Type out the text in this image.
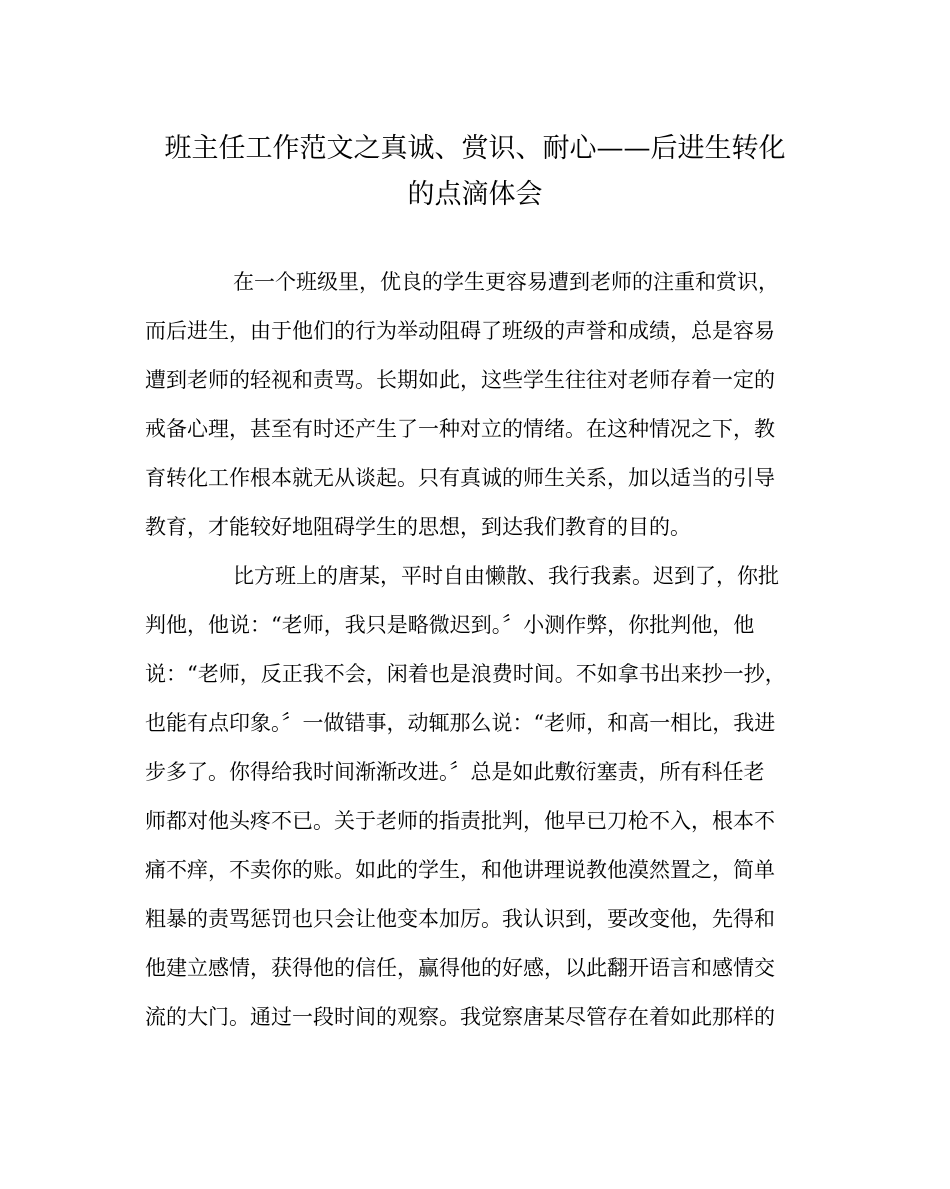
班主任工作范文之真诚、赏识、耐心——后进生转化
的点滴体会
在一个班级里，优良的学生更容易遭到老师的注重和赏识，
而后进生，由于他们的行为举动阻碍了班级的声誉和成绩，总是容易
遭到老师的轻视和责骂。长期如此，这些学生往往对老师存着一定的
戒备心理，甚至有时还产生了一种对立的情绪。在这种情况之下，教
育转化工作根本就无从谈起。只有真诚的师生关系，加以适当的引导
教育，才能较好地阻碍学生的思想，到达我们教育的目的。
比方班上的唐某，平时自由懒散、我行我素。迟到了，你批
判他，他说：“老师，我只是略微迟到。〞小测作弊，你批判他，他
说：“老师，反正我不会，闲着也是浪费时间。不如拿书出来抄一抄，
也能有点印象。〞一做错事，动辄那么说：“老师，和高一相比，我进
步多了。你得给我时间渐渐改进。〞总是如此敷衍塞责，所有科任老
师都对他头疼不已。关于老师的指责批判，他早已刀枪不入，根本不
痛不痒，不卖你的账。如此的学生，和他讲理说教他漠然置之，简单
粗暴的责骂惩罚也只会让他变本加厉。我认识到，要改变他，先得和
他建立感情，获得他的信任，赢得他的好感，以此翻开语言和感情交
流的大门。通过一段时间的观察。我觉察唐某尽管存在着如此那样的
